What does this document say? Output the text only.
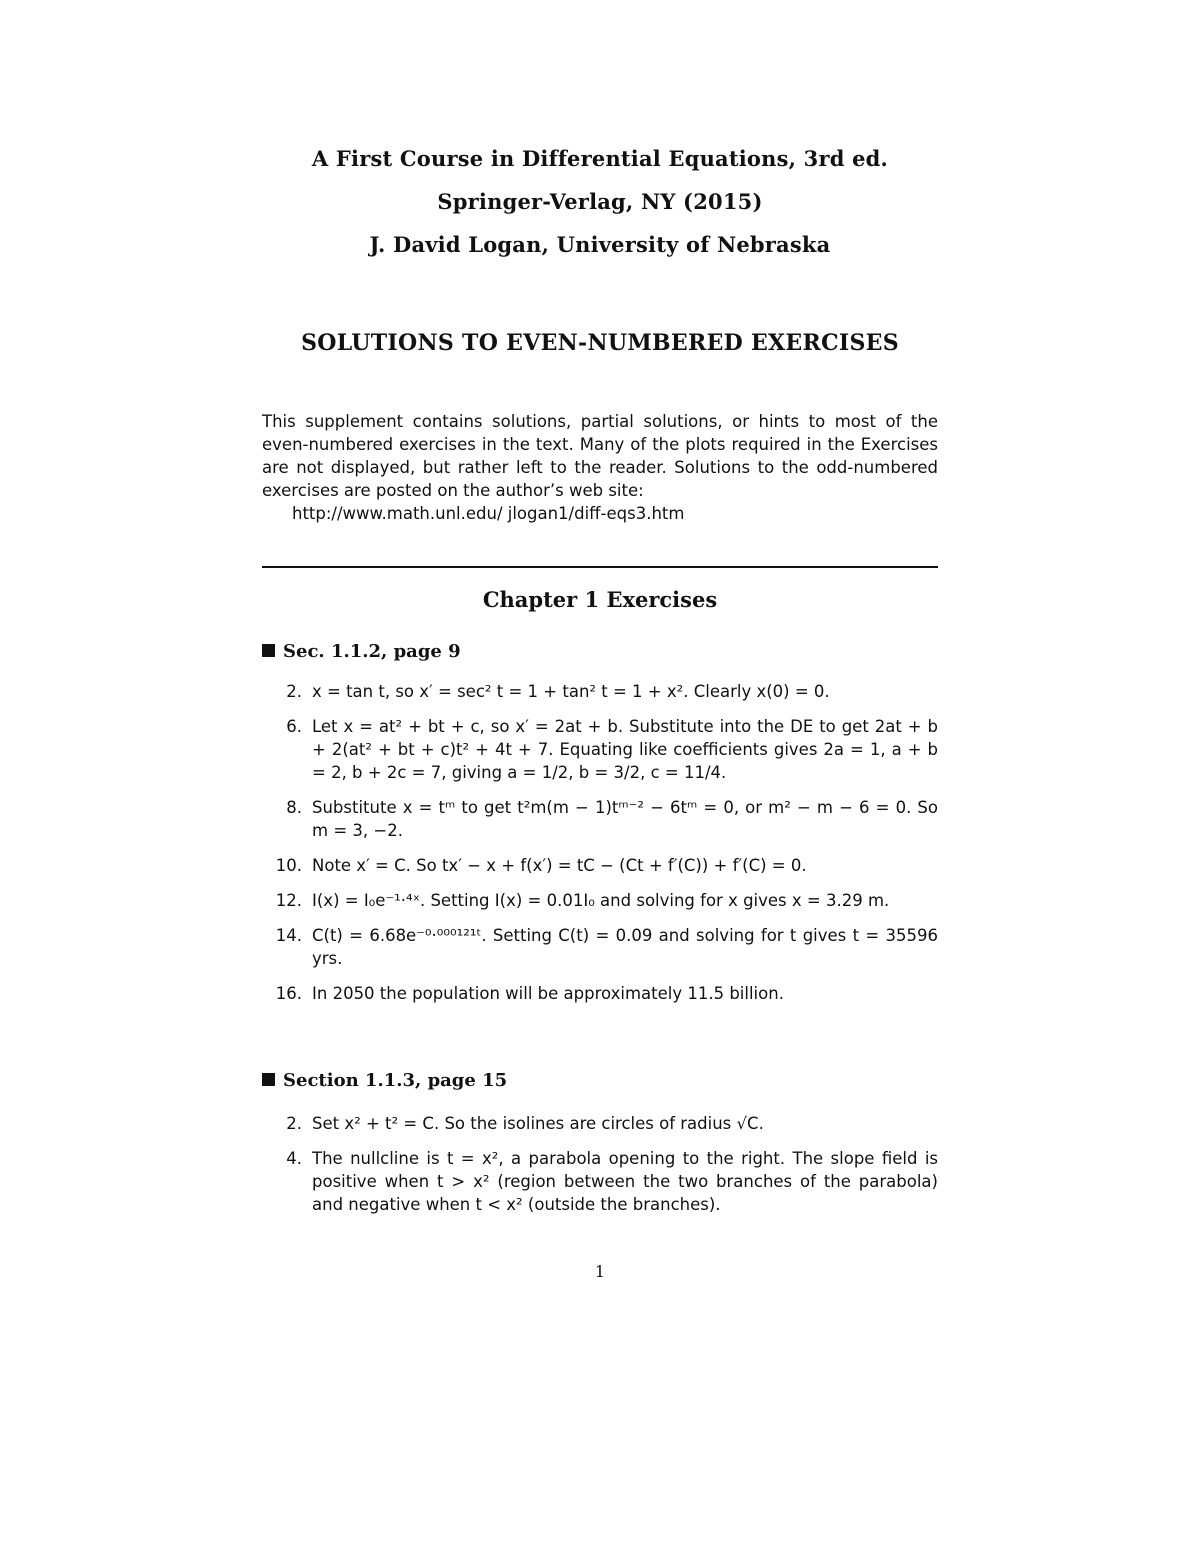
A First Course in Differential Equations, 3rd ed.
Springer-Verlag, NY (2015)
J. David Logan, University of Nebraska
SOLUTIONS TO EVEN-NUMBERED EXERCISES

This supplement contains solutions, partial solutions, or hints to most of the even-numbered exercises in the text. Many of the plots required in the Exercises are not displayed, but rather left to the reader. Solutions to the odd-numbered exercises are posted on the author’s web site:

http://www.math.unl.edu/ jlogan1/diff-eqs3.htm
Chapter 1 Exercises
Sec. 1.1.2, page 9
2. x = tan t, so x′ = sec² t = 1 + tan² t = 1 + x². Clearly x(0) = 0.
6. Let x = at² + bt + c, so x′ = 2at + b. Substitute into the DE to get 2at + b + 2(at² + bt + c)t² + 4t + 7. Equating like coefficients gives 2a = 1, a + b = 2, b + 2c = 7, giving a = 1/2, b = 3/2, c = 11/4.
8. Substitute x = tᵐ to get t²m(m − 1)tᵐ⁻² − 6tᵐ = 0, or m² − m − 6 = 0. So m = 3, −2.
10. Note x′ = C. So tx′ − x + f(x′) = tC − (Ct + f′(C)) + f′(C) = 0.
12. I(x) = I₀e⁻¹·⁴ˣ. Setting I(x) = 0.01I₀ and solving for x gives x = 3.29 m.
14. C(t) = 6.68e⁻⁰·⁰⁰⁰¹²¹ᵗ. Setting C(t) = 0.09 and solving for t gives t = 35596 yrs.
16. In 2050 the population will be approximately 11.5 billion.
Section 1.1.3, page 15
2. Set x² + t² = C. So the isolines are circles of radius √C.
4. The nullcline is t = x², a parabola opening to the right. The slope field is positive when t > x² (region between the two branches of the parabola) and negative when t < x² (outside the branches).
1
